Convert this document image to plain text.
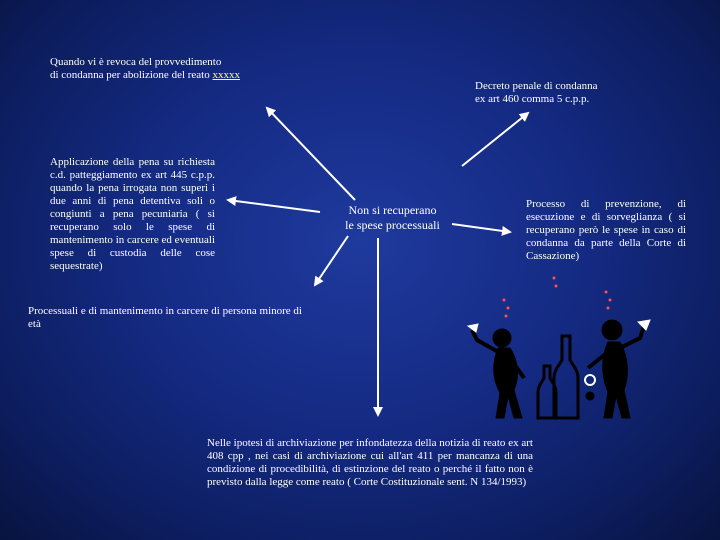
Quando vi è revoca del provvedimento
di condanna per abolizione del reato xxxxx
Decreto penale di condanna
ex art 460 comma 5 c.p.p.
Applicazione della pena su richiesta c.d. patteggiamento ex art 445 c.p.p. quando la pena irrogata non superi i due anni di pena detentiva soli o congiunti a pena pecuniaria ( si recuperano solo le spese di mantenimento in carcere ed eventuali spese di custodia delle cose sequestrate)
Non si recuperano
le spese processuali
Processo di prevenzione, di esecuzione e di sorveglianza ( si recuperano però le spese in caso di condanna da parte della Corte di Cassazione)
Processuali e di mantenimento in carcere di persona minore di
età
Nelle ipotesi di archiviazione per infondatezza della notizia di reato ex art 408 cpp , nei casi di archiviazione cui all'art 411 per mancanza di una condizione di procedibilità, di estinzione del reato o perché il fatto non è previsto dalla legge come reato ( Corte Costituzionale sent. N 134/1993)
